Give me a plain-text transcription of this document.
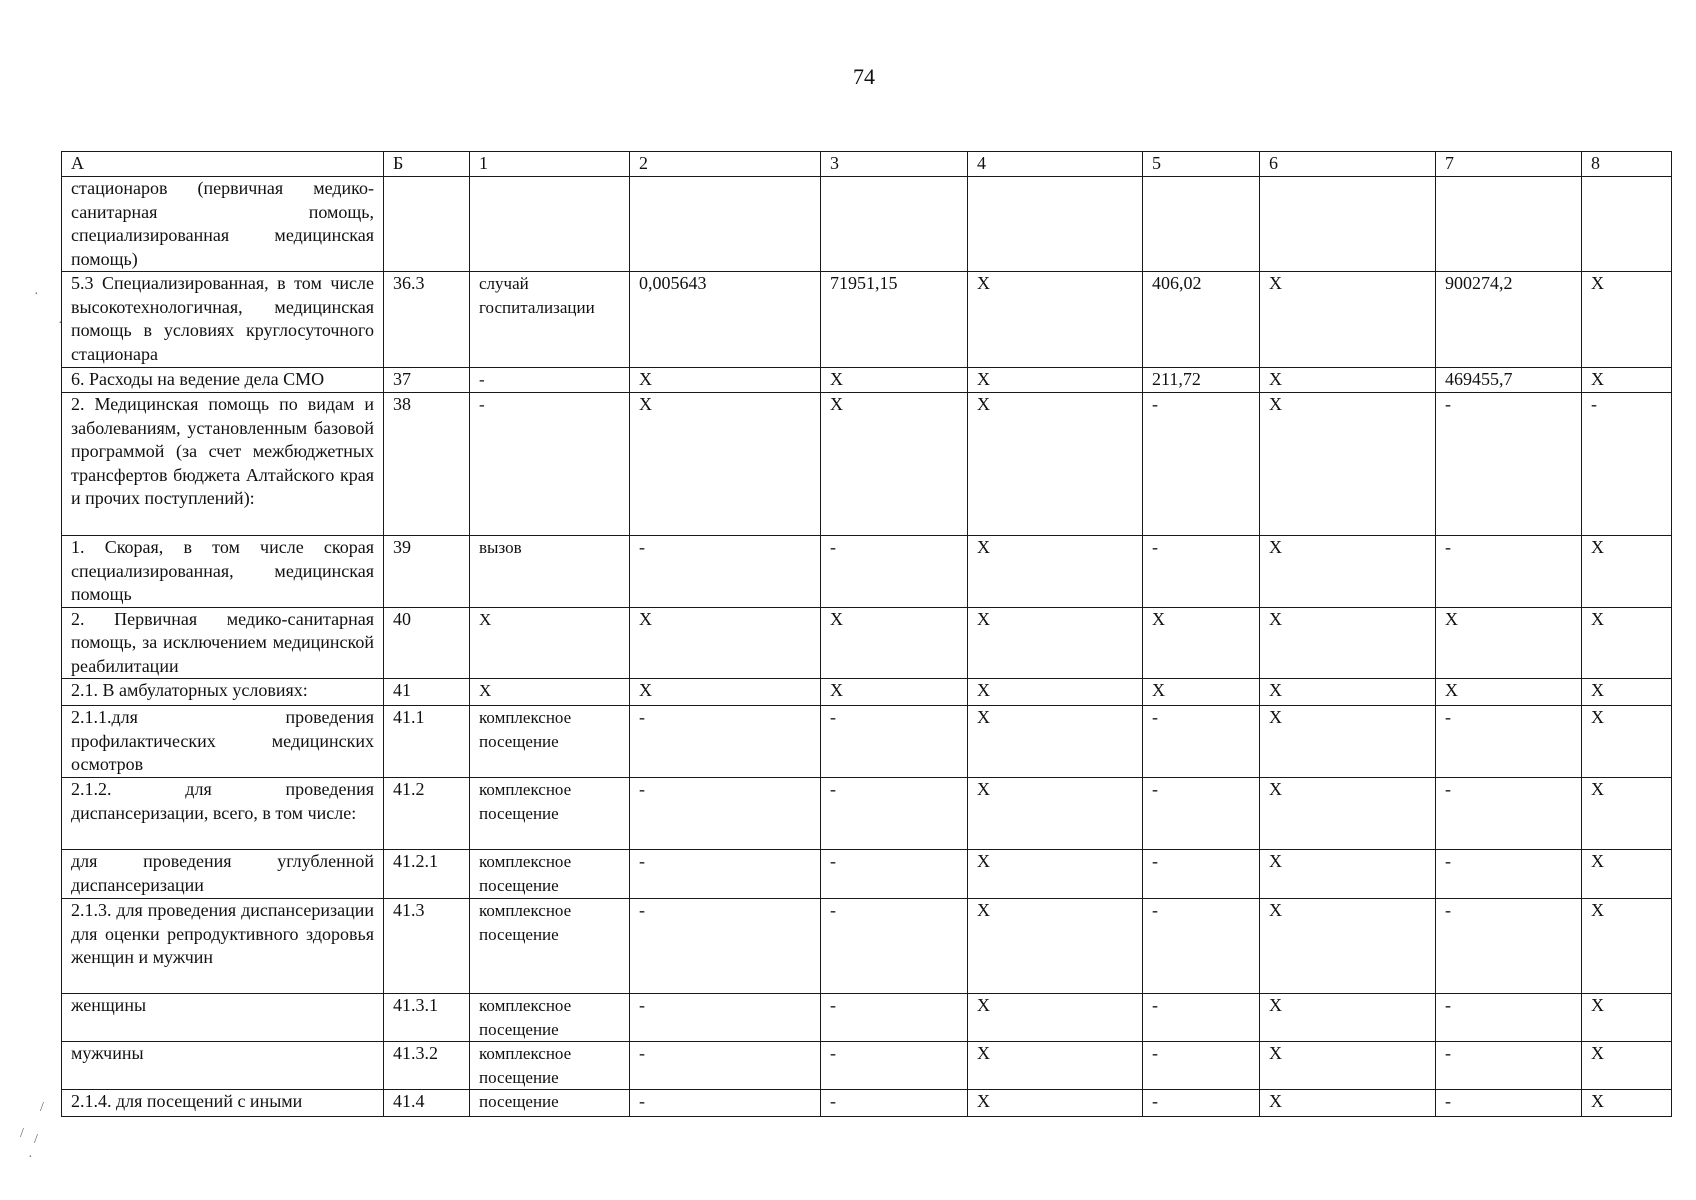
74
А	Б	1	2	3	4	5	6	7	8
стационаров (первичная медико-санитарная помощь, специализированная медицинская помощь)									
5.3 Специализированная, в том числе высокотехнологичная, медицинская помощь в условиях круглосуточного стационара	36.3	случай госпитализации	0,005643	71951,15	Х	406,02	Х	900274,2	Х
6. Расходы на ведение дела СМО	37	-	Х	Х	Х	211,72	Х	469455,7	Х
2. Медицинская помощь по видам и заболеваниям, установленным базовой программой (за счет межбюджетных трансфертов бюджета Алтайского края и прочих поступлений):	38	-	Х	Х	Х	-	Х	-	-
1. Скорая, в том числе скорая специализированная, медицинская помощь	39	вызов	-	-	Х	-	Х	-	Х
2. Первичная медико-санитарная помощь, за исключением медицинской реабилитации	40	Х	Х	Х	Х	Х	Х	Х	Х
2.1. В амбулаторных условиях:	41	Х	Х	Х	Х	Х	Х	Х	Х
2.1.1.для проведения профилактических медицинских осмотров	41.1	комплексное посещение	-	-	Х	-	Х	-	Х
2.1.2. для проведения диспансеризации, всего, в том числе:	41.2	комплексное посещение	-	-	Х	-	Х	-	Х
для проведения углубленной диспансеризации	41.2.1	комплексное посещение	-	-	Х	-	Х	-	Х
2.1.3. для проведения диспансеризации для оценки репродуктивного здоровья женщин и мужчин	41.3	комплексное посещение	-	-	Х	-	Х	-	Х
женщины	41.3.1	комплексное посещение	-	-	Х	-	Х	-	Х
мужчины	41.3.2	комплексное посещение	-	-	Х	-	Х	-	Х
2.1.4. для посещений с иными	41.4	посещение	-	-	Х	-	Х	-	Х
·
·
/
/ /
·
